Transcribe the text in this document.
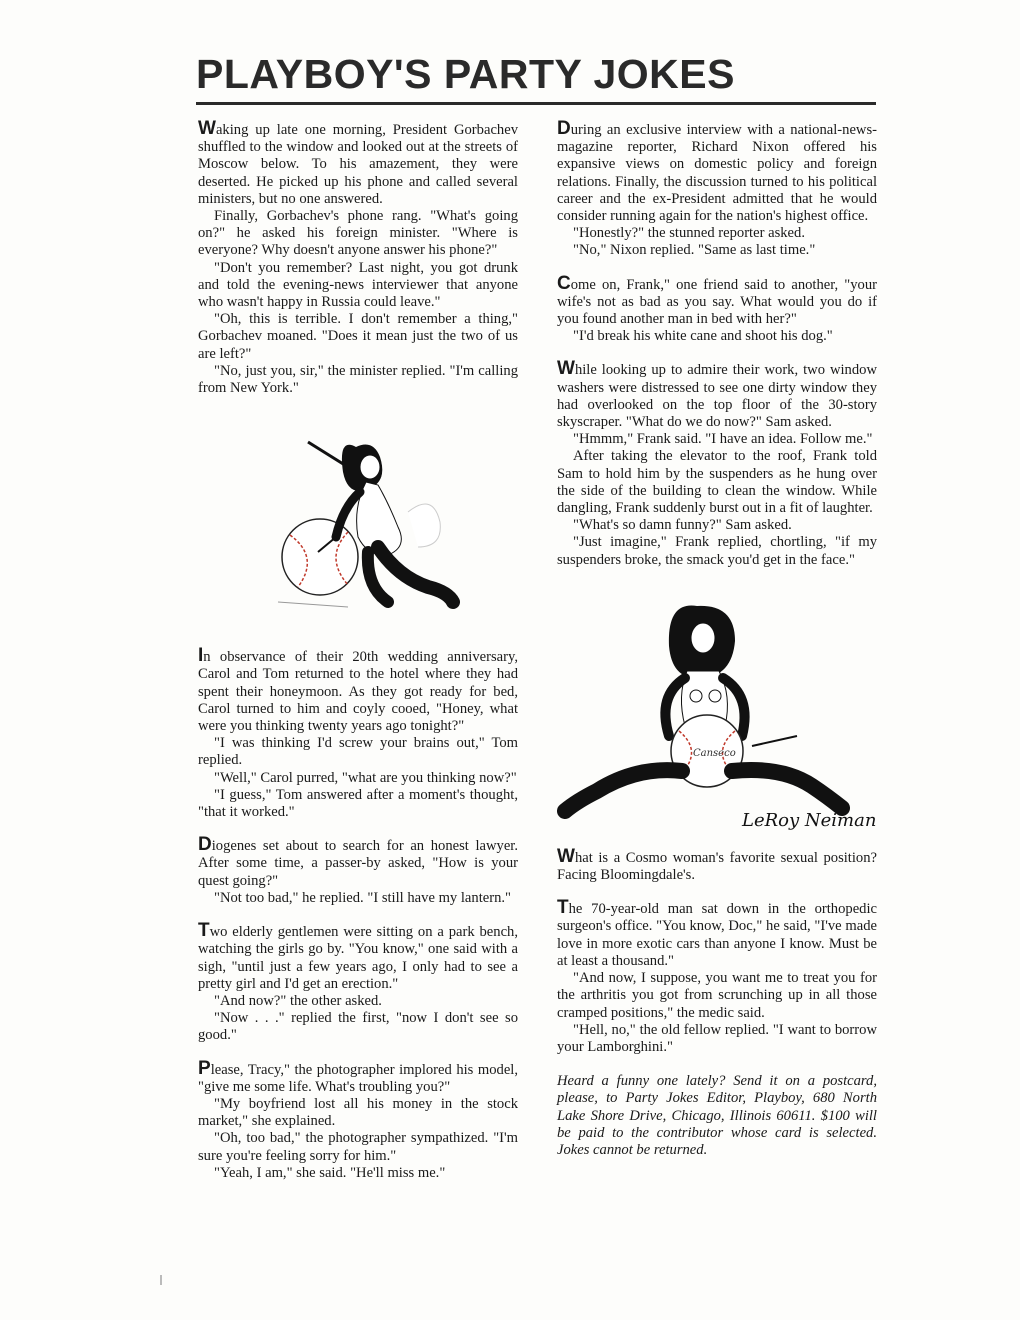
PLAYBOY'S PARTY JOKES

Waking up late one morning, President Gorbachev shuffled to the window and looked out at the streets of Moscow below. To his amazement, they were deserted. He picked up his phone and called several ministers, but no one answered.

Finally, Gorbachev's phone rang. "What's going on?" he asked his foreign minister. "Where is everyone? Why doesn't anyone answer his phone?"

"Don't you remember? Last night, you got drunk and told the evening-news interviewer that anyone who wasn't happy in Russia could leave."

"Oh, this is terrible. I don't remember a thing," Gorbachev moaned. "Does it mean just the two of us are left?"

"No, just you, sir," the minister replied. "I'm calling from New York."

In observance of their 20th wedding anniversary, Carol and Tom returned to the hotel where they had spent their honeymoon. As they got ready for bed, Carol turned to him and coyly cooed, "Honey, what were you thinking twenty years ago tonight?"

"I was thinking I'd screw your brains out," Tom replied.

"Well," Carol purred, "what are you thinking now?"

"I guess," Tom answered after a moment's thought, "that it worked."

Diogenes set about to search for an honest lawyer. After some time, a passer-by asked, "How is your quest going?"

"Not too bad," he replied. "I still have my lantern."

Two elderly gentlemen were sitting on a park bench, watching the girls go by. "You know," one said with a sigh, "until just a few years ago, I only had to see a pretty girl and I'd get an erection."

"And now?" the other asked.

"Now . . ." replied the first, "now I don't see so good."

Please, Tracy," the photographer implored his model, "give me some life. What's troubling you?"

"My boyfriend lost all his money in the stock market," she explained.

"Oh, too bad," the photographer sympathized. "I'm sure you're feeling sorry for him."

"Yeah, I am," she said. "He'll miss me."

During an exclusive interview with a national-news-magazine reporter, Richard Nixon offered his expansive views on domestic policy and foreign relations. Finally, the discussion turned to his political career and the ex-President admitted that he would consider running again for the nation's highest office.

"Honestly?" the stunned reporter asked.

"No," Nixon replied. "Same as last time."

Come on, Frank," one friend said to another, "your wife's not as bad as you say. What would you do if you found another man in bed with her?"

"I'd break his white cane and shoot his dog."

While looking up to admire their work, two window washers were distressed to see one dirty window they had overlooked on the top floor of the 30-story skyscraper. "What do we do now?" Sam asked.

"Hmmm," Frank said. "I have an idea. Follow me."

After taking the elevator to the roof, Frank told Sam to hold him by the suspenders as he hung over the side of the building to clean the window. While dangling, Frank suddenly burst out in a fit of laughter.

"What's so damn funny?" Sam asked.

"Just imagine," Frank replied, chortling, "if my suspenders broke, the smack you'd get in the face."

Canseco
LeRoy Neiman

What is a Cosmo woman's favorite sexual position? Facing Bloomingdale's.

The 70-year-old man sat down in the orthopedic surgeon's office. "You know, Doc," he said, "I've made love in more exotic cars than anyone I know. Must be at least a thousand."

"And now, I suppose, you want me to treat you for the arthritis you got from scrunching up in all those cramped positions," the medic said.

"Hell, no," the old fellow replied. "I want to borrow your Lamborghini."

Heard a funny one lately? Send it on a postcard, please, to Party Jokes Editor, Playboy, 680 North Lake Shore Drive, Chicago, Illinois 60611. $100 will be paid to the contributor whose card is selected. Jokes cannot be returned.
